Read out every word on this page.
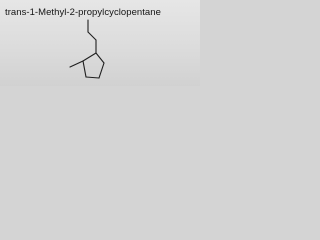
trans-1-Methyl-2-propylcyclopentane
